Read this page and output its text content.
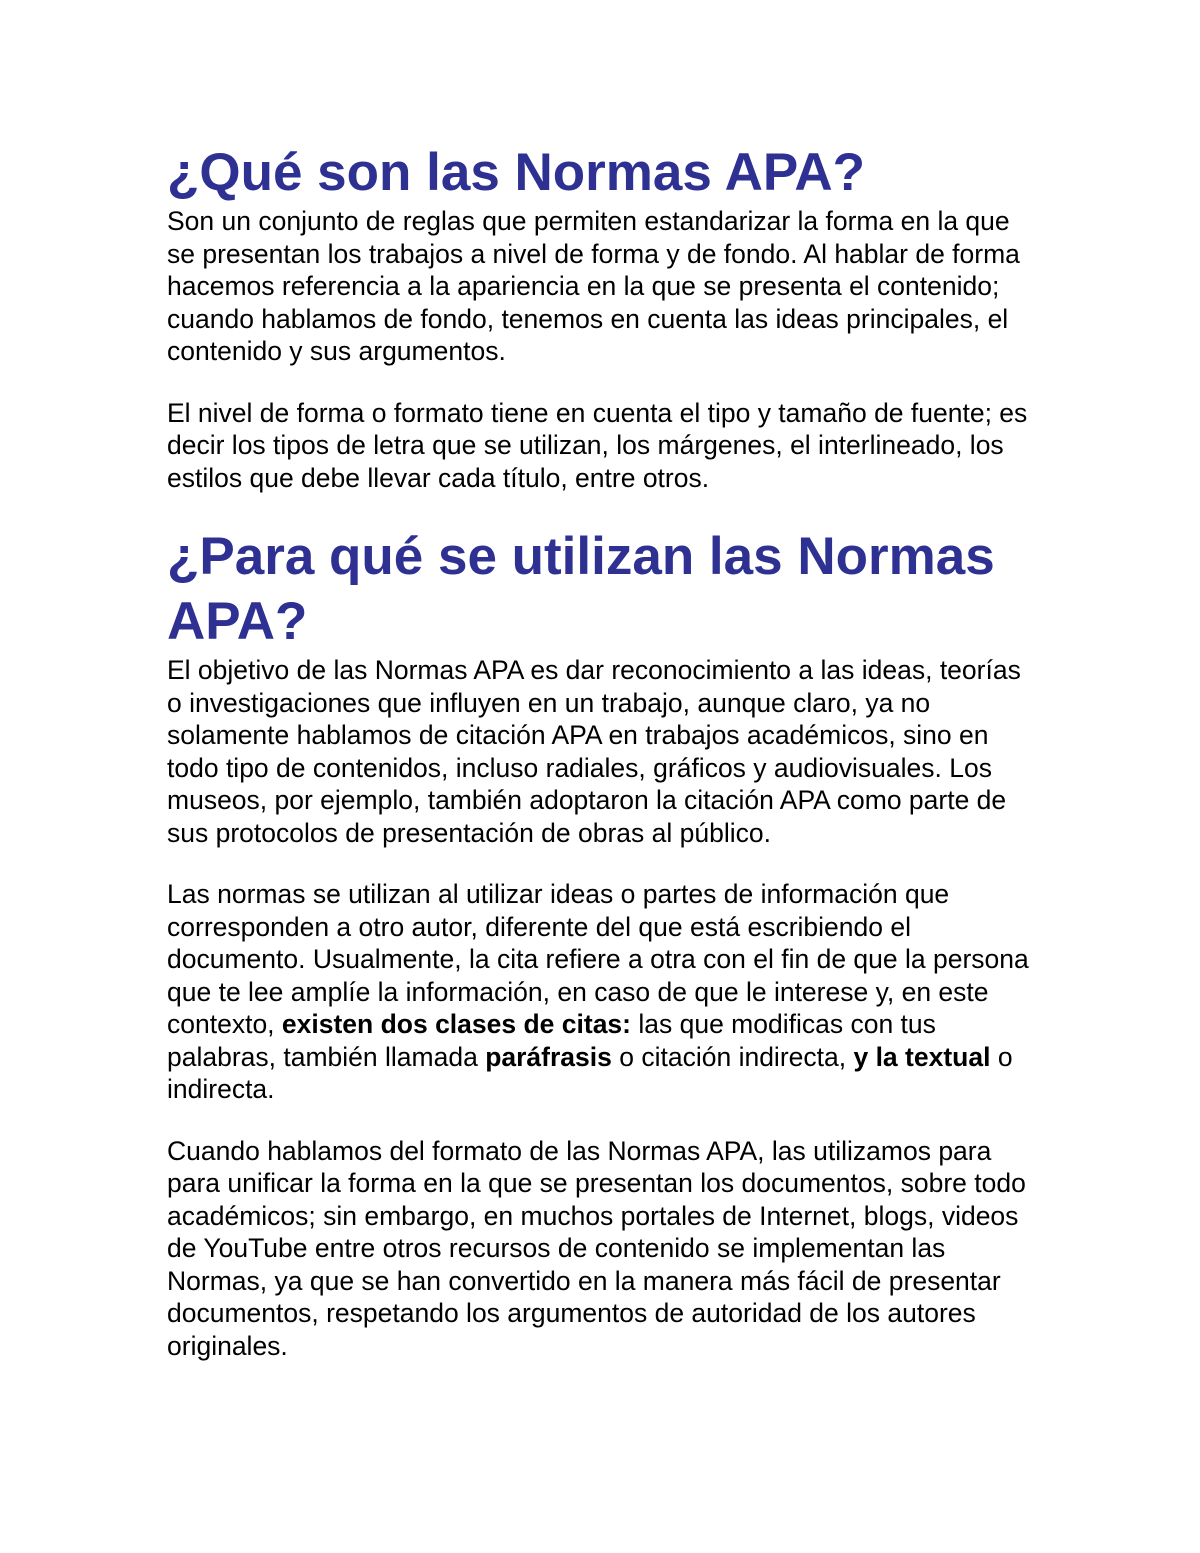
¿Qué son las Normas APA?

Son un conjunto de reglas que permiten estandarizar la forma en la que se presentan los trabajos a nivel de forma y de fondo. Al hablar de forma hacemos referencia a la apariencia en la que se presenta el contenido; cuando hablamos de fondo, tenemos en cuenta las ideas principales, el contenido y sus argumentos.

El nivel de forma o formato tiene en cuenta el tipo y tamaño de fuente; es decir los tipos de letra que se utilizan, los márgenes, el interlineado, los estilos que debe llevar cada título, entre otros.

¿Para qué se utilizan las Normas APA?

El objetivo de las Normas APA es dar reconocimiento a las ideas, teorías o investigaciones que influyen en un trabajo, aunque claro, ya no solamente hablamos de citación APA en trabajos académicos, sino en todo tipo de contenidos, incluso radiales, gráficos y audiovisuales. Los museos, por ejemplo, también adoptaron la citación APA como parte de sus protocolos de presentación de obras al público.

Las normas se utilizan al utilizar ideas o partes de información que corresponden a otro autor, diferente del que está escribiendo el documento. Usualmente, la cita refiere a otra con el fin de que la persona que te lee amplíe la información, en caso de que le interese y, en este contexto, existen dos clases de citas: las que modificas con tus palabras, también llamada paráfrasis o citación indirecta, y la textual o indirecta.

Cuando hablamos del formato de las Normas APA, las utilizamos para para unificar la forma en la que se presentan los documentos, sobre todo académicos; sin embargo, en muchos portales de Internet, blogs, videos de YouTube entre otros recursos de contenido se implementan las Normas, ya que se han convertido en la manera más fácil de presentar documentos, respetando los argumentos de autoridad de los autores originales.
